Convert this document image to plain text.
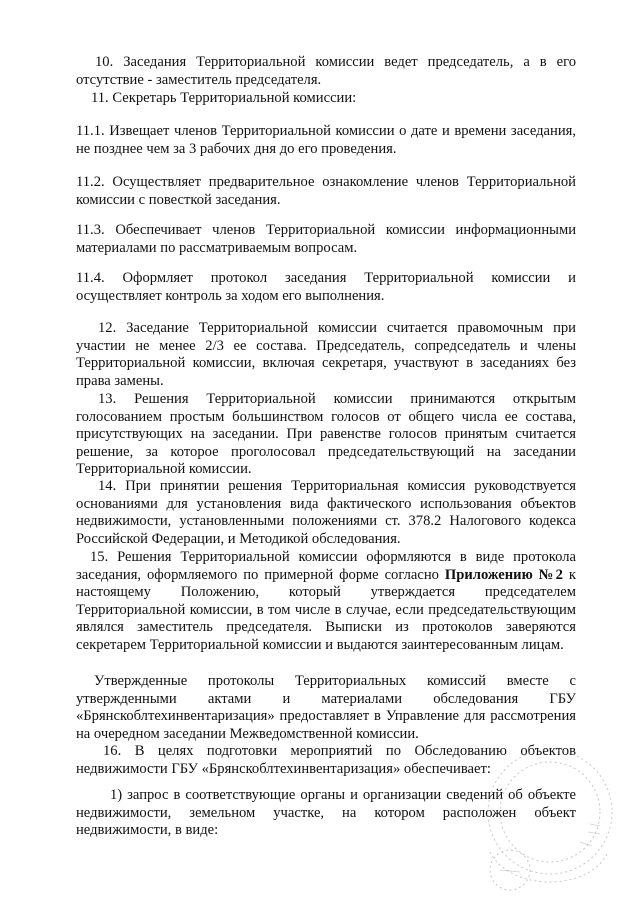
10. Заседания Территориальной комиссии ведет председатель, а в его отсутствие - заместитель председателя.

11. Секретарь Территориальной комиссии:

11.1. Извещает членов Территориальной комиссии о дате и времени заседания, не позднее чем за 3 рабочих дня до его проведения.

11.2. Осуществляет предварительное ознакомление членов Территориальной комиссии с повесткой заседания.

11.3. Обеспечивает членов Территориальной комиссии информационными материалами по рассматриваемым вопросам.

11.4. Оформляет протокол заседания Территориальной комиссии и осуществляет контроль за ходом его выполнения.

12. Заседание Территориальной комиссии считается правомочным при участии не менее 2/3 ее состава. Председатель, сопредседатель и члены Территориальной комиссии, включая секретаря, участвуют в заседаниях без права замены.

13. Решения Территориальной комиссии принимаются открытым голосованием простым большинством голосов от общего числа ее состава, присутствующих на заседании. При равенстве голосов принятым считается решение, за которое проголосовал председательствующий на заседании Территориальной комиссии.

14. При принятии решения Территориальная комиссия руководствуется основаниями для установления вида фактического использования объектов недвижимости, установленными положениями ст. 378.2 Налогового кодекса Российской Федерации, и Методикой обследования.

15. Решения Территориальной комиссии оформляются в виде протокола заседания, оформляемого по примерной форме согласно Приложению №2 к настоящему Положению, который утверждается председателем Территориальной комиссии, в том числе в случае, если председательствующим являлся заместитель председателя. Выписки из протоколов заверяются секретарем Территориальной комиссии и выдаются заинтересованным лицам.

Утвержденные протоколы Территориальных комиссий вместе с утвержденными актами и материалами обследования ГБУ «Брянскоблтехинвентаризация» предоставляет в Управление для рассмотрения на очередном заседании Межведомственной комиссии.

16. В целях подготовки мероприятий по Обследованию объектов недвижимости ГБУ «Брянскоблтехинвентаризация» обеспечивает:

1) запрос в соответствующие органы и организации сведений об объекте недвижимости, земельном участке, на котором расположен объект недвижимости, в виде:
